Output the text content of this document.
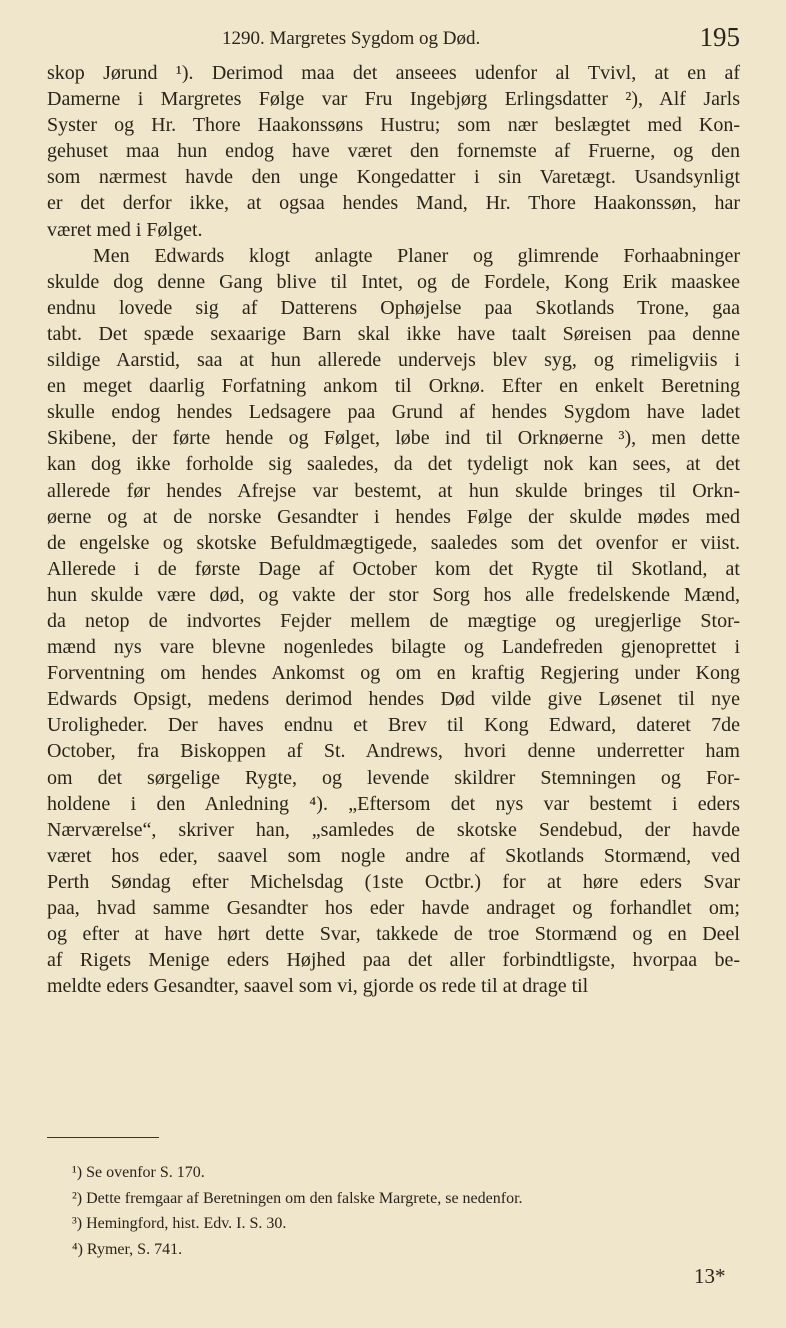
1290. Margretes Sygdom og Død.	195
skop Jørund ¹). Derimod maa det anseees udenfor al Tvivl, at en af
Damerne i Margretes Følge var Fru Ingebjørg Erlingsdatter ²), Alf Jarls
Syster og Hr. Thore Haakonssøns Hustru; som nær beslægtet med Kon-
gehuset maa hun endog have været den fornemste af Fruerne, og den
som nærmest havde den unge Kongedatter i sin Varetægt. Usandsynligt
er det derfor ikke, at ogsaa hendes Mand, Hr. Thore Haakonssøn, har
været med i Følget.
Men Edwards klogt anlagte Planer og glimrende Forhaabninger
skulde dog denne Gang blive til Intet, og de Fordele, Kong Erik maaskee
endnu lovede sig af Datterens Ophøjelse paa Skotlands Trone, gaa
tabt. Det spæde sexaarige Barn skal ikke have taalt Søreisen paa denne
sildige Aarstid, saa at hun allerede undervejs blev syg, og rimeligviis i
en meget daarlig Forfatning ankom til Orknø. Efter en enkelt Beretning
skulle endog hendes Ledsagere paa Grund af hendes Sygdom have ladet
Skibene, der førte hende og Følget, løbe ind til Orknøerne ³), men dette
kan dog ikke forholde sig saaledes, da det tydeligt nok kan sees, at det
allerede før hendes Afrejse var bestemt, at hun skulde bringes til Orkn-
øerne og at de norske Gesandter i hendes Følge der skulde mødes med
de engelske og skotske Befuldmægtigede, saaledes som det ovenfor er viist.
Allerede i de første Dage af October kom det Rygte til Skotland, at
hun skulde være død, og vakte der stor Sorg hos alle fredelskende Mænd,
da netop de indvortes Fejder mellem de mægtige og uregjerlige Stor-
mænd nys vare blevne nogenledes bilagte og Landefreden gjenoprettet i
Forventning om hendes Ankomst og om en kraftig Regjering under Kong
Edwards Opsigt, medens derimod hendes Død vilde give Løsenet til nye
Uroligheder. Der haves endnu et Brev til Kong Edward, dateret 7de
October, fra Biskoppen af St. Andrews, hvori denne underretter ham
om det sørgelige Rygte, og levende skildrer Stemningen og For-
holdene i den Anledning ⁴). „Eftersom det nys var bestemt i eders
Nærværelse“, skriver han, „samledes de skotske Sendebud, der havde
været hos eder, saavel som nogle andre af Skotlands Stormænd, ved
Perth Søndag efter Michelsdag (1ste Octbr.) for at høre eders Svar
paa, hvad samme Gesandter hos eder havde andraget og forhandlet om;
og efter at have hørt dette Svar, takkede de troe Stormænd og en Deel
af Rigets Menige eders Højhed paa det aller forbindtligste, hvorpaa be-
meldte eders Gesandter, saavel som vi, gjorde os rede til at drage til
¹) Se ovenfor S. 170.
²) Dette fremgaar af Beretningen om den falske Margrete, se nedenfor.
³) Hemingford, hist. Edv. I. S. 30.
⁴) Rymer, S. 741.
13*
